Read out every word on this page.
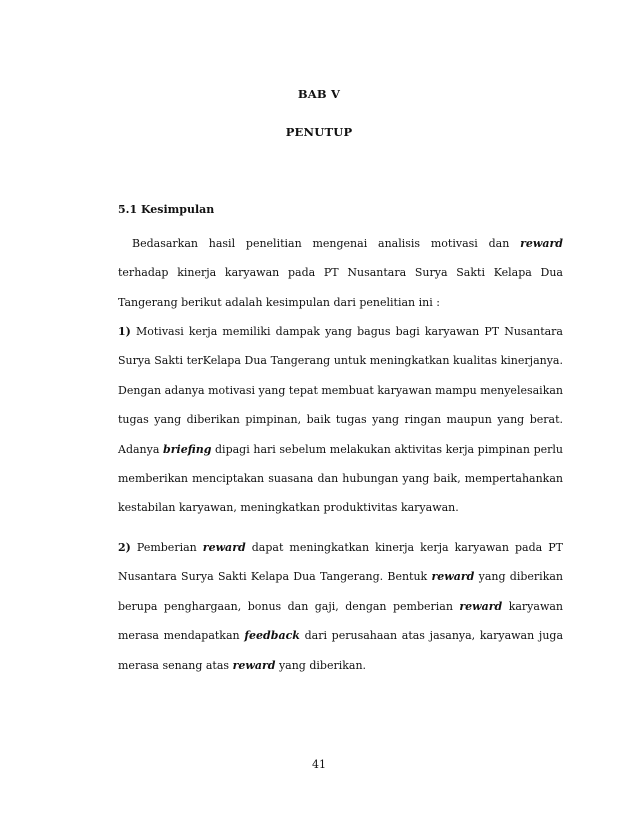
BAB V
PENUTUP
5.1 Kesimpulan

Bedasarkan hasil penelitian mengenai analisis motivasi dan reward terhadap kinerja karyawan pada PT Nusantara Surya Sakti Kelapa Dua Tangerang berikut adalah kesimpulan dari penelitian ini :

1) Motivasi kerja memiliki dampak yang bagus bagi karyawan PT Nusantara Surya Sakti terKelapa Dua Tangerang untuk meningkatkan kualitas kinerjanya. Dengan adanya motivasi yang tepat membuat karyawan mampu menyelesaikan tugas yang diberikan pimpinan, baik tugas yang ringan maupun yang berat. Adanya briefing dipagi hari sebelum melakukan aktivitas kerja pimpinan perlu memberikan menciptakan suasana dan hubungan yang baik, mempertahankan kestabilan karyawan, meningkatkan produktivitas karyawan.

2) Pemberian reward dapat meningkatkan kinerja kerja karyawan pada PT Nusantara Surya Sakti Kelapa Dua Tangerang. Bentuk reward yang diberikan berupa penghargaan, bonus dan gaji, dengan pemberian reward karyawan merasa mendapatkan feedback dari perusahaan atas jasanya, karyawan juga merasa senang atas reward yang diberikan.

41
